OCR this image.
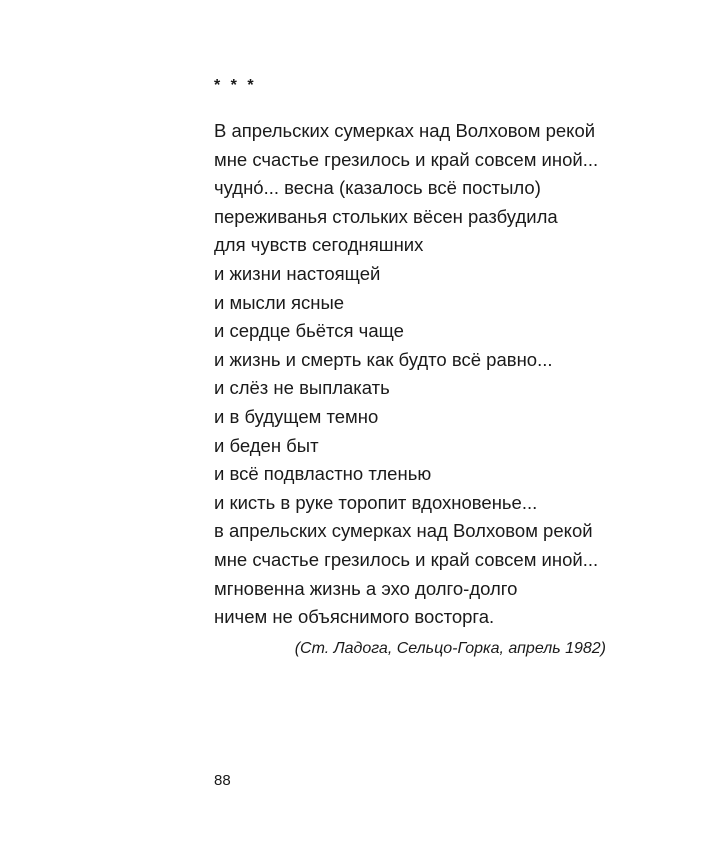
* * *
В апрельских сумерках над Волховом рекой
мне счастье грезилось и край совсем иной...
чудно́... весна (казалось всё постыло)
переживанья стольких вёсен разбудила
для чувств сегодняшних
и жизни настоящей
и мысли ясные
и сердце бьётся чаще
и жизнь и смерть как будто всё равно...
и слёз не выплакать
и в будущем темно
и беден быт
и всё подвластно тленью
и кисть в руке торопит вдохновенье...
в апрельских сумерках над Волховом рекой
мне счастье грезилось и край совсем иной...
мгновенна жизнь а эхо долго-долго
ничем не объяснимого восторга.
(Ст. Ладога, Сельцо-Горка, апрель 1982)
88
